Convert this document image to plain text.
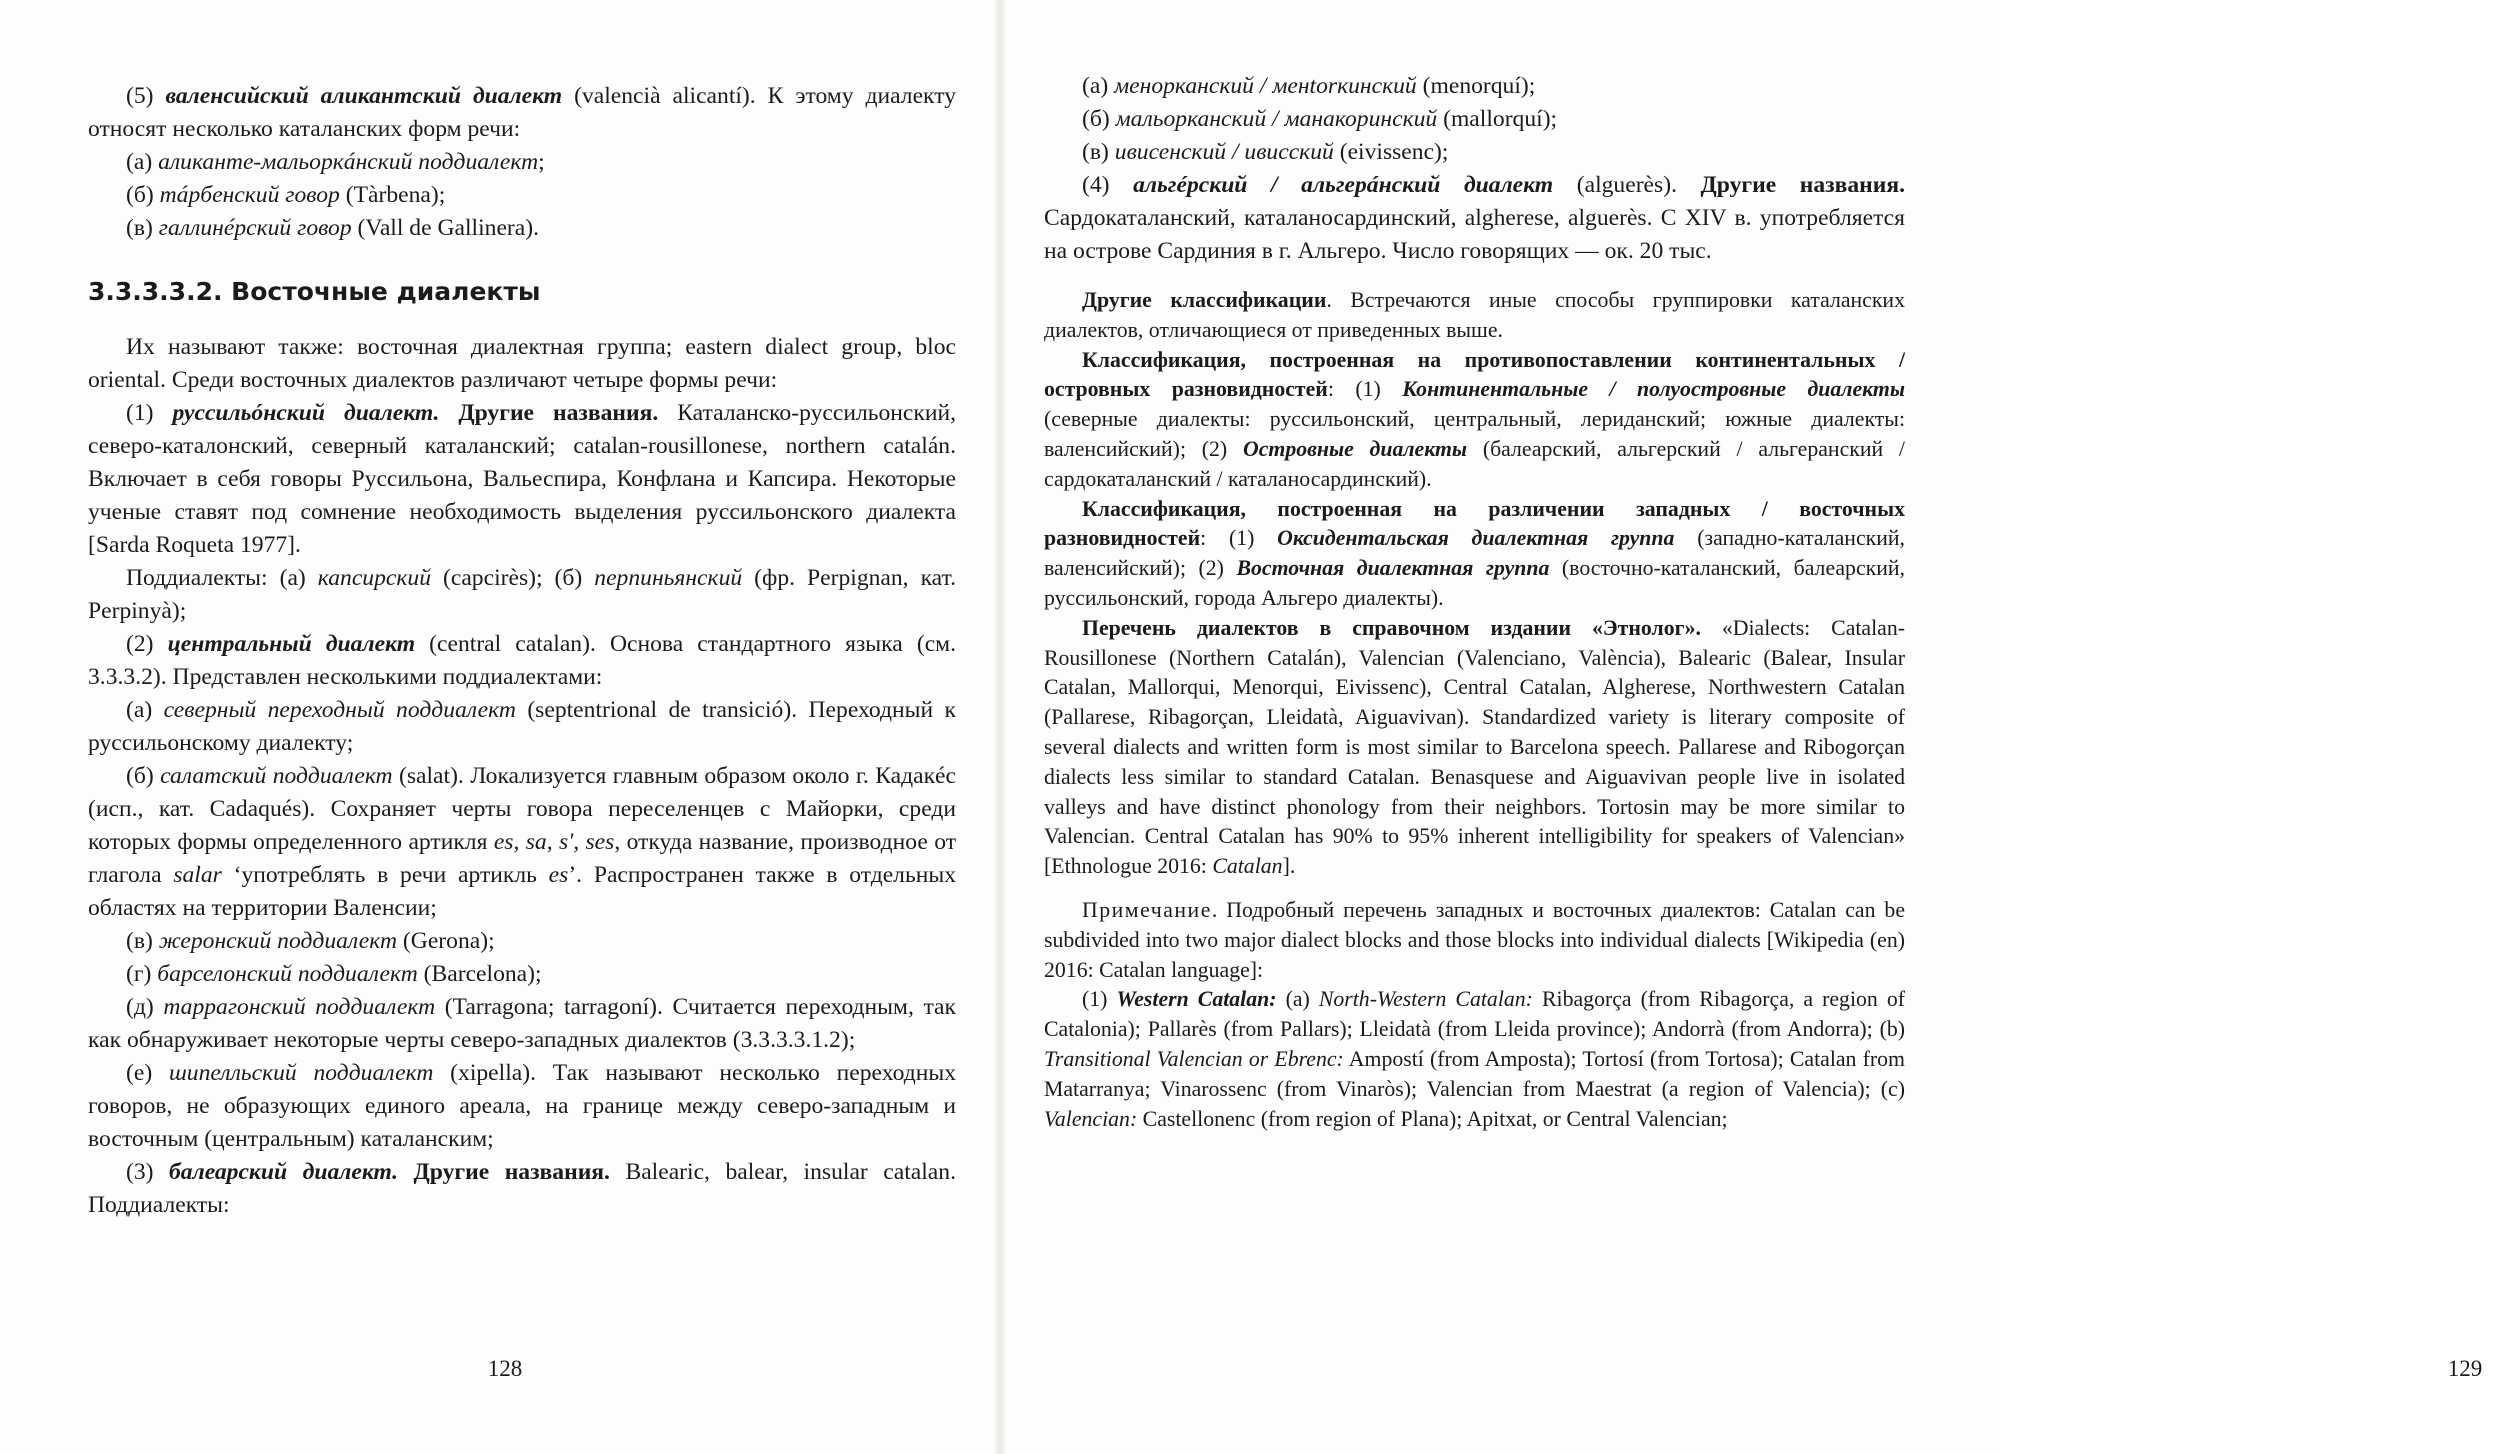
(5) валенсийский аликантский диалект (valencià alicantí). К этому диалекту относят несколько каталанских форм речи:

(а) аликанте-мальоркáнский поддиалект;

(б) тáрбенский говор (Tàrbena);

(в) галлинéрский говор (Vall de Gallinera).

3.3.3.3.2. Восточные диалекты

Их называют также: восточная диалектная группа; eastern dialect group, bloc oriental. Среди восточных диалектов различают четыре формы речи:

(1) руссильóнский диалект. Другие названия. Каталанско-руссильонский, северо-каталонский, северный каталанский; catalan-rousillonese, northern catalán. Включает в себя говоры Руссильона, Вальеспира, Конфлана и Капсира. Некоторые ученые ставят под сомнение необходимость выделения руссильонского диалекта [Sarda Roqueta 1977].

Поддиалекты: (а) капсирский (capcirès); (б) перпиньянский (фр. Perpignan, кат. Perpinyà);

(2) центральный диалект (central catalan). Основа стандартного языка (см. 3.3.3.2). Представлен несколькими поддиалектами:

(а) северный переходный поддиалект (septentrional de transició). Переходный к руссильонскому диалекту;

(б) салатский поддиалект (salat). Локализуется главным образом около г. Кадакéс (исп., кат. Cadaqués). Сохраняет черты говора переселенцев с Майорки, среди которых формы определенного артикля es, sa, s', ses, откуда название, производное от глагола salar ‘употреблять в речи артикль es’. Распространен также в отдельных областях на территории Валенсии;

(в) жеронский поддиалект (Gerona);

(г) барселонский поддиалект (Barcelona);

(д) таррагонский поддиалект (Tarragona; tarragoní). Считается переходным, так как обнаруживает некоторые черты северо-западных диалектов (3.3.3.3.1.2);

(е) шипелльский поддиалект (xipella). Так называют несколько переходных говоров, не образующих единого ареала, на границе между северо-западным и восточным (центральным) каталанским;

(3) балеарский диалект. Другие названия. Balearic, balear, insular catalan. Поддиалекты:

128

(а) менорканский / менtorкинский (menorquí);

(б) мальорканский / манакоринский (mallorquí);

(в) ивисенский / ивисский (eivissenc);

(4) альгéрский / альгерáнский диалект (alguerès). Другие названия. Сардокаталанский, каталаносардинский, algherese, alguerès. С XIV в. употребляется на острове Сардиния в г. Альгеро. Число говорящих — ок. 20 тыс.

Другие классификации. Встречаются иные способы группировки каталанских диалектов, отличающиеся от приведенных выше.

Классификация, построенная на противопоставлении континентальных / островных разновидностей: (1) Континентальные / полуостровные диалекты (северные диалекты: руссильонский, центральный, лериданский; южные диалекты: валенсийский); (2) Островные диалекты (балеарский, альгерский / альгеранский / сардокаталанский / каталаносардинский).

Классификация, построенная на различении западных / восточных разновидностей: (1) Оксидентальская диалектная группа (западно-каталанский, валенсийский); (2) Восточная диалектная группа (восточно-каталанский, балеарский, руссильонский, города Альгеро диалекты).

Перечень диалектов в справочном издании «Этнолог». «Dialects: Catalan-Rousillonese (Northern Catalán), Valencian (Valenciano, València), Balearic (Balear, Insular Catalan, Mallorqui, Menorqui, Eivissenc), Central Catalan, Algherese, Northwestern Catalan (Pallarese, Ribagorçan, Lleidatà, Aiguavivan). Standardized variety is literary composite of several dialects and written form is most similar to Barcelona speech. Pallarese and Ribogorçan dialects less similar to standard Catalan. Benasquese and Aiguavivan people live in isolated valleys and have distinct phonology from their neighbors. Tortosin may be more similar to Valencian. Central Catalan has 90% to 95% inherent intelligibility for speakers of Valencian» [Ethnologue 2016: Catalan].

Примечание. Подробный перечень западных и восточных диалектов: Catalan can be subdivided into two major dialect blocks and those blocks into individual dialects [Wikipedia (en) 2016: Catalan language]:

(1) Western Catalan: (a) North-Western Catalan: Ribagorça (from Ribagorça, a region of Catalonia); Pallarès (from Pallars); Lleidatà (from Lleida province); Andorrà (from Andorra); (b) Transitional Valencian or Ebrenc: Ampostí (from Amposta); Tortosí (from Tortosa); Catalan from Matarranya; Vinarossenc (from Vinaròs); Valencian from Maestrat (a region of Valencia); (c) Valencian: Castellonenc (from region of Plana); Apitxat, or Central Valencian;

129
